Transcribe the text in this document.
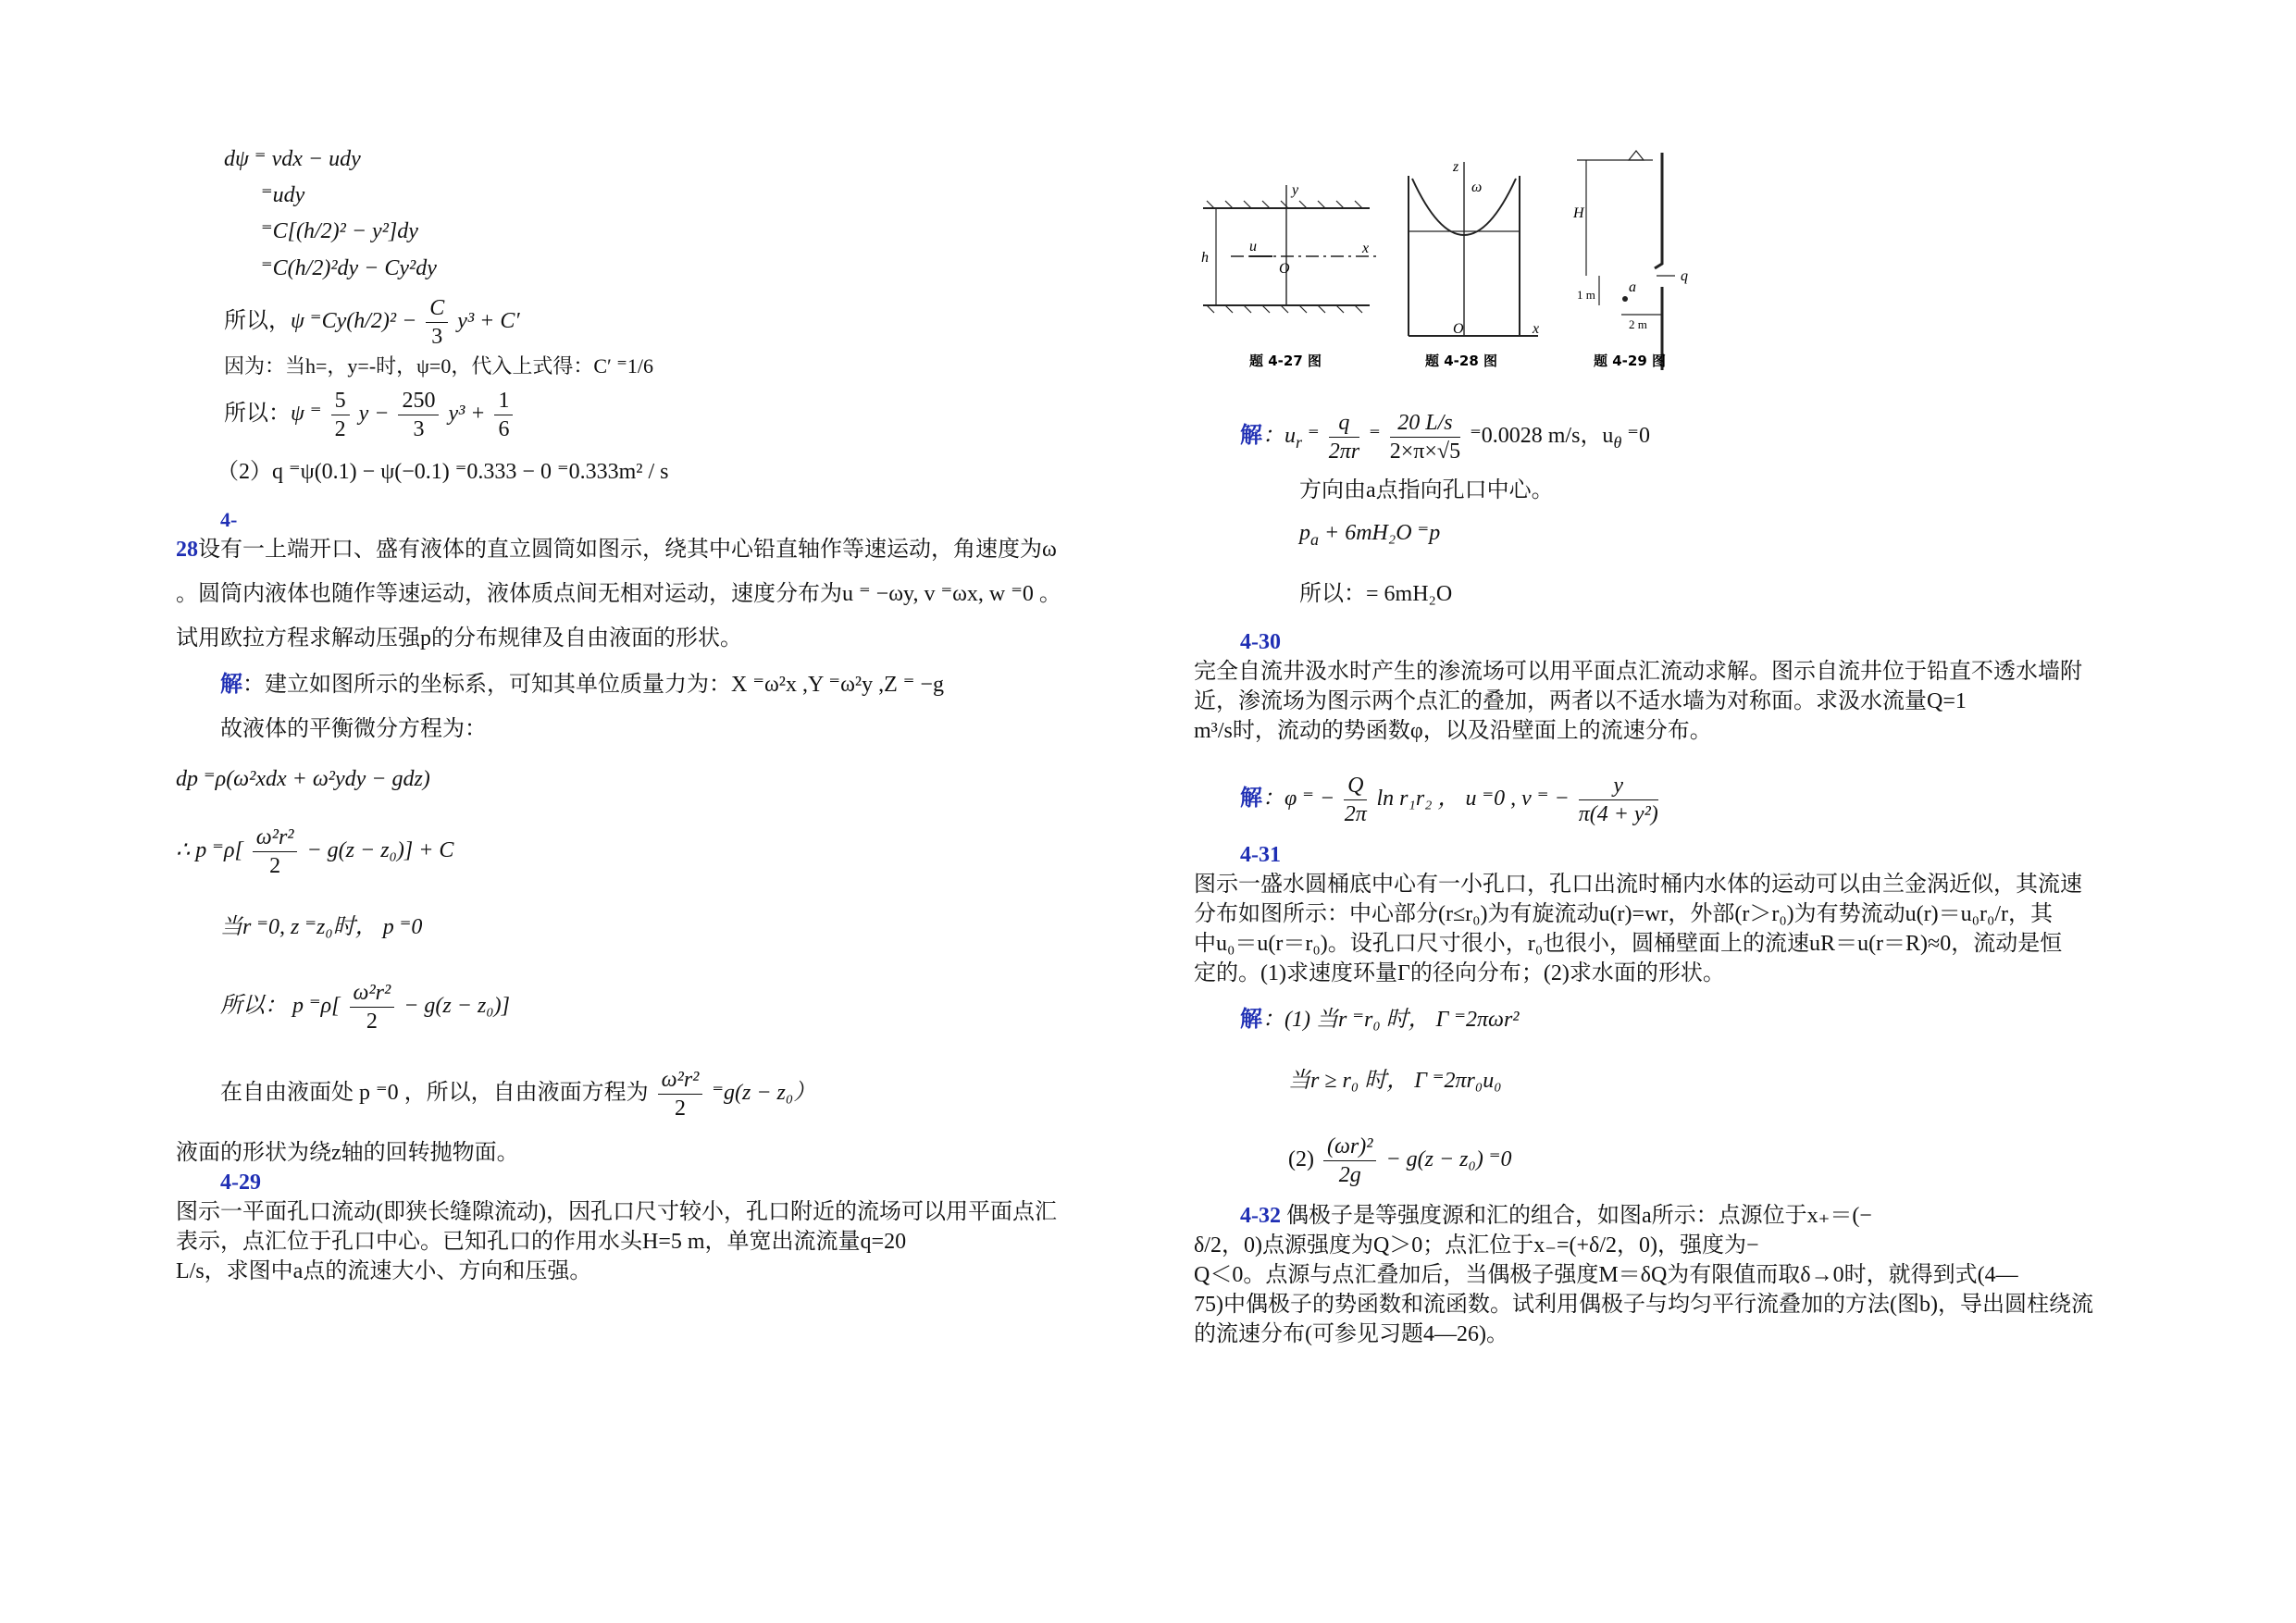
dψ ⁼ vdx − udy
⁼udy
⁼C[(h/2)² − y²]dy
⁼C(h/2)²dy − Cy²dy
所以，ψ $^=Cy(h/2)^2 - \frac{C}{3} y^3 + C'$
因为：当h=，y=-时，ψ=0，代入上式得：C′ ⁼1/6
所以：ψ ⁼ $\frac{5}{2}$ $y - \frac{250}{3} y^3 + \frac{1}{6}$
（2）q ⁼ψ(0.1) − ψ(−0.1) ⁼0.333 − 0 ⁼0.333m² / s
4-
28设有一上端开口、盛有液体的直立圆筒如图示，绕其中心铅直轴作等速运动，角速度为ω
。圆筒内液体也随作等速运动，液体质点间无相对运动，速度分布为u ⁼ −ωy, v ⁼ωx, w ⁼0 。
试用欧拉方程求解动压强p的分布规律及自由液面的形状。
解：建立如图所示的坐标系，可知其单位质量力为：X ⁼ω²x ,Y ⁼ω²y ,Z ⁼ −g
故液体的平衡微分方程为：
dp ⁼ρ(ω²xdx + ω²ydy − gdz)
∴ p $^=\rho[ \frac{\text{ω²r²}}{2} - g(z - z_0)] + C$
当r ⁼0, z ⁼z₀时， p ⁼0
所以： p $^=\rho[ \frac{\text{ω²r²}}{2} - g(z - z_0)]$
在自由液面处 p ⁼0 ，所以，自由液面方程为 $\frac{\text{ω²r²}}{2} ^=g(z - z_0)$
液面的形状为绕z轴的回转抛物面。
4-29
图示一平面孔口流动(即狭长缝隙流动)，因孔口尺寸较小，孔口附近的流场可以用平面点汇
表示，点汇位于孔口中心。已知孔口的作用水头H=5 m，单宽出流流量q=20
L/s，求图中a点的流速大小、方向和压强。
y
x
u
O
h
z
ω
O	x
H
q
a
1 m
2 m
题 4-27 图	题 4-28 图	题 4-29 图
解：$u_r$ ⁼ $\frac{q}{2\pi r}$ ⁼ $\frac{20 L/s}{2\times\pi\times√5} ^=0.0028$ m/s，$u_\theta$ ⁼0
方向由a点指向孔口中心。
$p_a + 6mH_2O$ ⁼p
所以：= 6mH₂O
4-30
完全自流井汲水时产生的渗流场可以用平面点汇流动求解。图示自流井位于铅直不透水墙附
近，渗流场为图示两个点汇的叠加，两者以不适水墙为对称面。求汲水流量Q=1
m³/s时，流动的势函数φ，以及沿壁面上的流速分布。
解：φ ⁼ − $\frac{Q}{2\pi}$ ln r₁r₂ ， u ⁼0 , v ⁼ − $\frac{y}{\text{π(4 + y²)}}$
4-31
图示一盛水圆桶底中心有一小孔口，孔口出流时桶内水体的运动可以由兰金涡近似，其流速
分布如图所示：中心部分(r≤r₀)为有旋流动u(r)=wr，外部(r＞r₀)为有势流动u(r)＝u₀r₀/r，其
中u₀＝u(r＝r₀)。设孔口尺寸很小，r₀也很小，圆桶壁面上的流速uR＝u(r＝R)≈0，流动是恒
定的。(1)求速度环量Γ的径向分布；(2)求水面的形状。
解：(1) 当r ⁼r₀ 时， Γ ⁼2πωr²
当r ≥ r₀ 时， Γ ⁼2πr₀u₀
$(2) \frac{\text{(ωr)²}}{2g} - g(z - z_0)$ ⁼0
4-32 偶极子是等强度源和汇的组合，如图a所示：点源位于x₊＝(−
δ/2，0)点源强度为Q＞0；点汇位于x₋=(+δ/2，0)，强度为−
Q＜0。点源与点汇叠加后，当偶极子强度M＝δQ为有限值而取δ→0时，就得到式(4—
75)中偶极子的势函数和流函数。试利用偶极子与均匀平行流叠加的方法(图b)，导出圆柱绕流
的流速分布(可参见习题4—26)。
